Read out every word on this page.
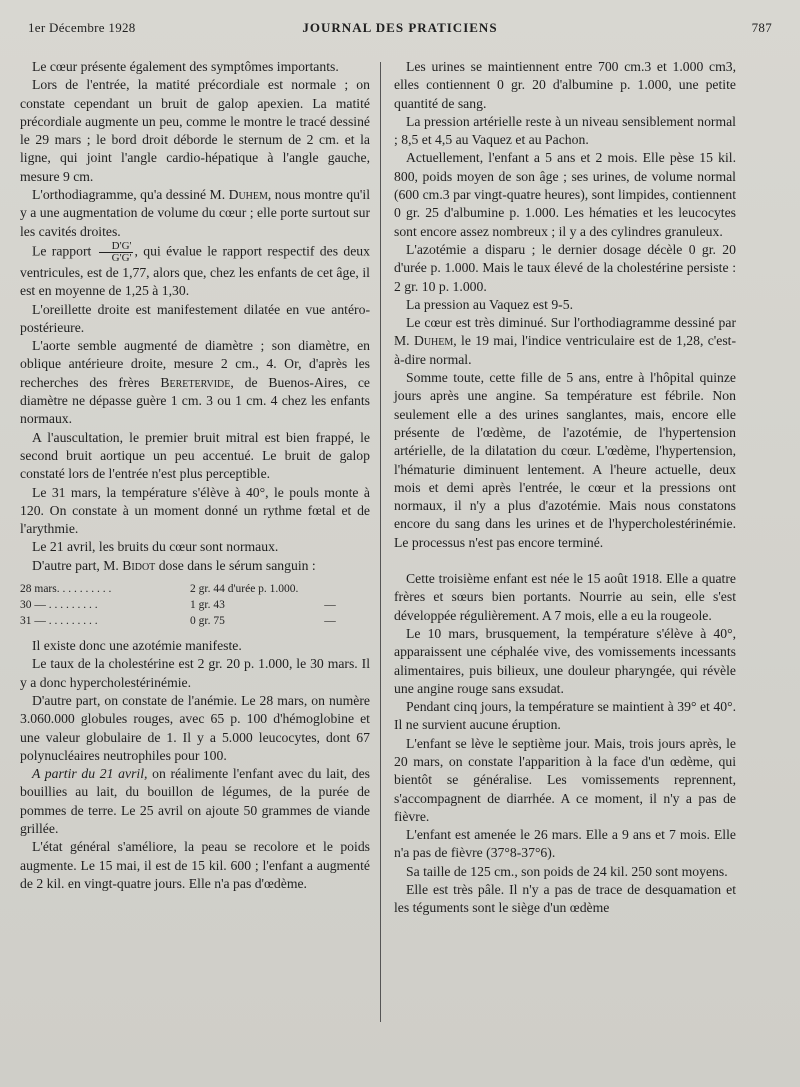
1er Décembre 1928	JOURNAL DES PRATICIENS	787

Le cœur présente également des symptômes importants.

Lors de l'entrée, la matité précordiale est normale ; on constate cependant un bruit de galop apexien. La matité précordiale augmente un peu, comme le montre le tracé dessiné le 29 mars ; le bord droit déborde le sternum de 2 cm. et la ligne, qui joint l'angle cardio-hépatique à l'angle gauche, mesure 9 cm.

L'orthodiagramme, qu'a dessiné M. Duhem, nous montre qu'il y a une augmentation de volume du cœur ; elle porte surtout sur les cavités droites.

Le rapport $\frac{D'G'}{G'G'}$ , qui évalue le rapport respectif des deux ventricules, est de 1,77, alors que, chez les enfants de cet âge, il est en moyenne de 1,25 à 1,30.

L'oreillette droite est manifestement dilatée en vue antéro-postérieure.

L'aorte semble augmenté de diamètre ; son diamètre, en oblique antérieure droite, mesure 2 cm., 4. Or, d'après les recherches des frères Beretervide, de Buenos-Aires, ce diamètre ne dépasse guère 1 cm. 3 ou 1 cm. 4 chez les enfants normaux.

A l'auscultation, le premier bruit mitral est bien frappé, le second bruit aortique un peu accentué. Le bruit de galop constaté lors de l'entrée n'est plus perceptible.

Le 31 mars, la température s'élève à 40°, le pouls monte à 120. On constate à un moment donné un rythme fœtal et de l'arythmie.

Le 21 avril, les bruits du cœur sont normaux.

D'autre part, M. Bidot dose dans le sérum sanguin :

28 mars. . . . . . . . . .	2 gr. 44 d'urée p. 1.000.
30 — . . . . . . . . .	1 gr. 43	—
31 — . . . . . . . . .	0 gr. 75	—

Il existe donc une azotémie manifeste.

Le taux de la cholestérine est 2 gr. 20 p. 1.000, le 30 mars. Il y a donc hypercholestérinémie.

D'autre part, on constate de l'anémie. Le 28 mars, on numère 3.060.000 globules rouges, avec 65 p. 100 d'hémoglobine et une valeur globulaire de 1. Il y a 5.000 leucocytes, dont 67 polynucléaires neutrophiles pour 100.

A partir du 21 avril, on réalimente l'enfant avec du lait, des bouillies au lait, du bouillon de légumes, de la purée de pommes de terre. Le 25 avril on ajoute 50 grammes de viande grillée.

L'état général s'améliore, la peau se recolore et le poids augmente. Le 15 mai, il est de 15 kil. 600 ; l'enfant a augmenté de 2 kil. en vingt-quatre jours. Elle n'a pas d'œdème.

Les urines se maintiennent entre 700 cm.3 et 1.000 cm3, elles contiennent 0 gr. 20 d'albumine p. 1.000, une petite quantité de sang.

La pression artérielle reste à un niveau sensiblement normal ; 8,5 et 4,5 au Vaquez et au Pachon.

Actuellement, l'enfant a 5 ans et 2 mois. Elle pèse 15 kil. 800, poids moyen de son âge ; ses urines, de volume normal (600 cm.3 par vingt-quatre heures), sont limpides, contiennent 0 gr. 25 d'albumine p. 1.000. Les hématies et les leucocytes sont encore assez nombreux ; il y a des cylindres granuleux.

L'azotémie a disparu ; le dernier dosage décèle 0 gr. 20 d'urée p. 1.000. Mais le taux élevé de la cholestérine persiste : 2 gr. 10 p. 1.000.

La pression au Vaquez est 9-5.

Le cœur est très diminué. Sur l'orthodiagramme dessiné par M. Duhem, le 19 mai, l'indice ventriculaire est de 1,28, c'est-à-dire normal.

Somme toute, cette fille de 5 ans, entre à l'hôpital quinze jours après une angine. Sa température est fébrile. Non seulement elle a des urines sanglantes, mais, encore elle présente de l'œdème, de l'azotémie, de l'hypertension artérielle, de la dilatation du cœur. L'œdème, l'hypertension, l'hématurie diminuent lentement. A l'heure actuelle, deux mois et demi après l'entrée, le cœur et la pressions ont normaux, il n'y a plus d'azotémie. Mais nous constatons encore du sang dans les urines et de l'hypercholestérinémie. Le processus n'est pas encore terminé.

Cette troisième enfant est née le 15 août 1918. Elle a quatre frères et sœurs bien portants. Nourrie au sein, elle s'est développée régulièrement. A 7 mois, elle a eu la rougeole.

Le 10 mars, brusquement, la température s'élève à 40°, apparaissent une céphalée vive, des vomissements incessants alimentaires, puis bilieux, une douleur pharyngée, qui révèle une angine rouge sans exsudat.

Pendant cinq jours, la température se maintient à 39° et 40°. Il ne survient aucune éruption.

L'enfant se lève le septième jour. Mais, trois jours après, le 20 mars, on constate l'apparition à la face d'un œdème, qui bientôt se généralise. Les vomissements reprennent, s'accompagnent de diarrhée. A ce moment, il n'y a pas de fièvre.

L'enfant est amenée le 26 mars. Elle a 9 ans et 7 mois. Elle n'a pas de fièvre (37°8-37°6).

Sa taille de 125 cm., son poids de 24 kil. 250 sont moyens.

Elle est très pâle. Il n'y a pas de trace de desquamation et les téguments sont le siège d'un œdème
